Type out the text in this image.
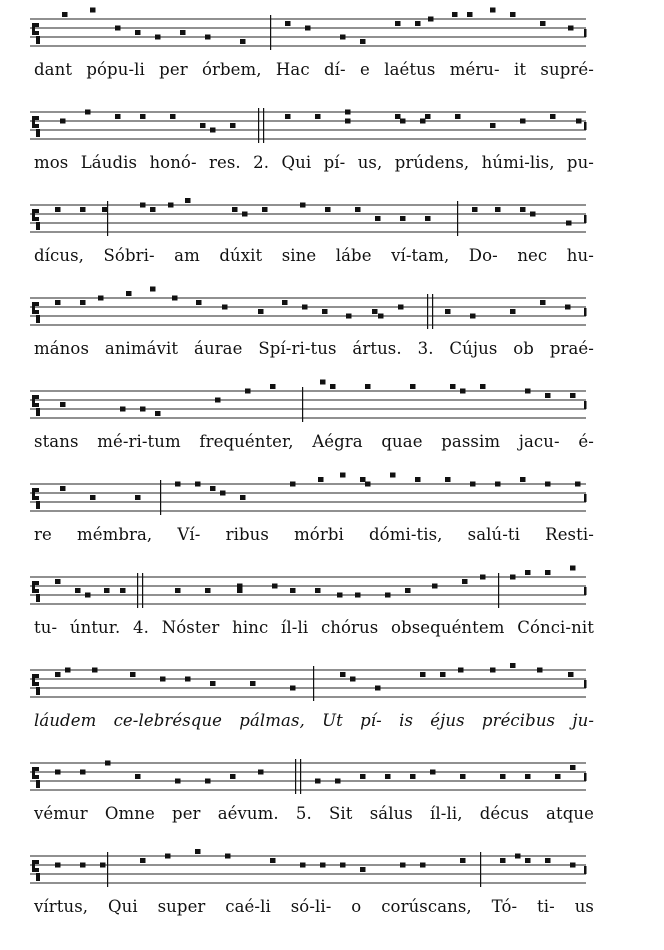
dant pópu-li per órbem, Hac dí- e laétus méru- it supré-
mos Láudis honó- res. 2. Qui pí- us, prúdens, húmi-lis, pu-
dícus, Sóbri- am dúxit sine lábe ví-tam, Do- nec hu-
mános animávit áurae Spí-ri-tus ártus. 3. Cújus ob praé-
stans mé-ri-tum frequénter, Aégra quae passim jacu- é-
re mémbra, Ví- ribus mórbi dómi-tis, salú-ti Resti-
tu- úntur. 4. Nóster hinc íl-li chórus obsequéntem Cónci-nit
láudem ce-lebrésque pálmas, Ut pí- is éjus précibus ju-
vémur Omne per aévum. 5. Sit sálus íl-li, décus atque
vírtus, Qui super caé-li só-li- o corúscans, Tó- ti- us
